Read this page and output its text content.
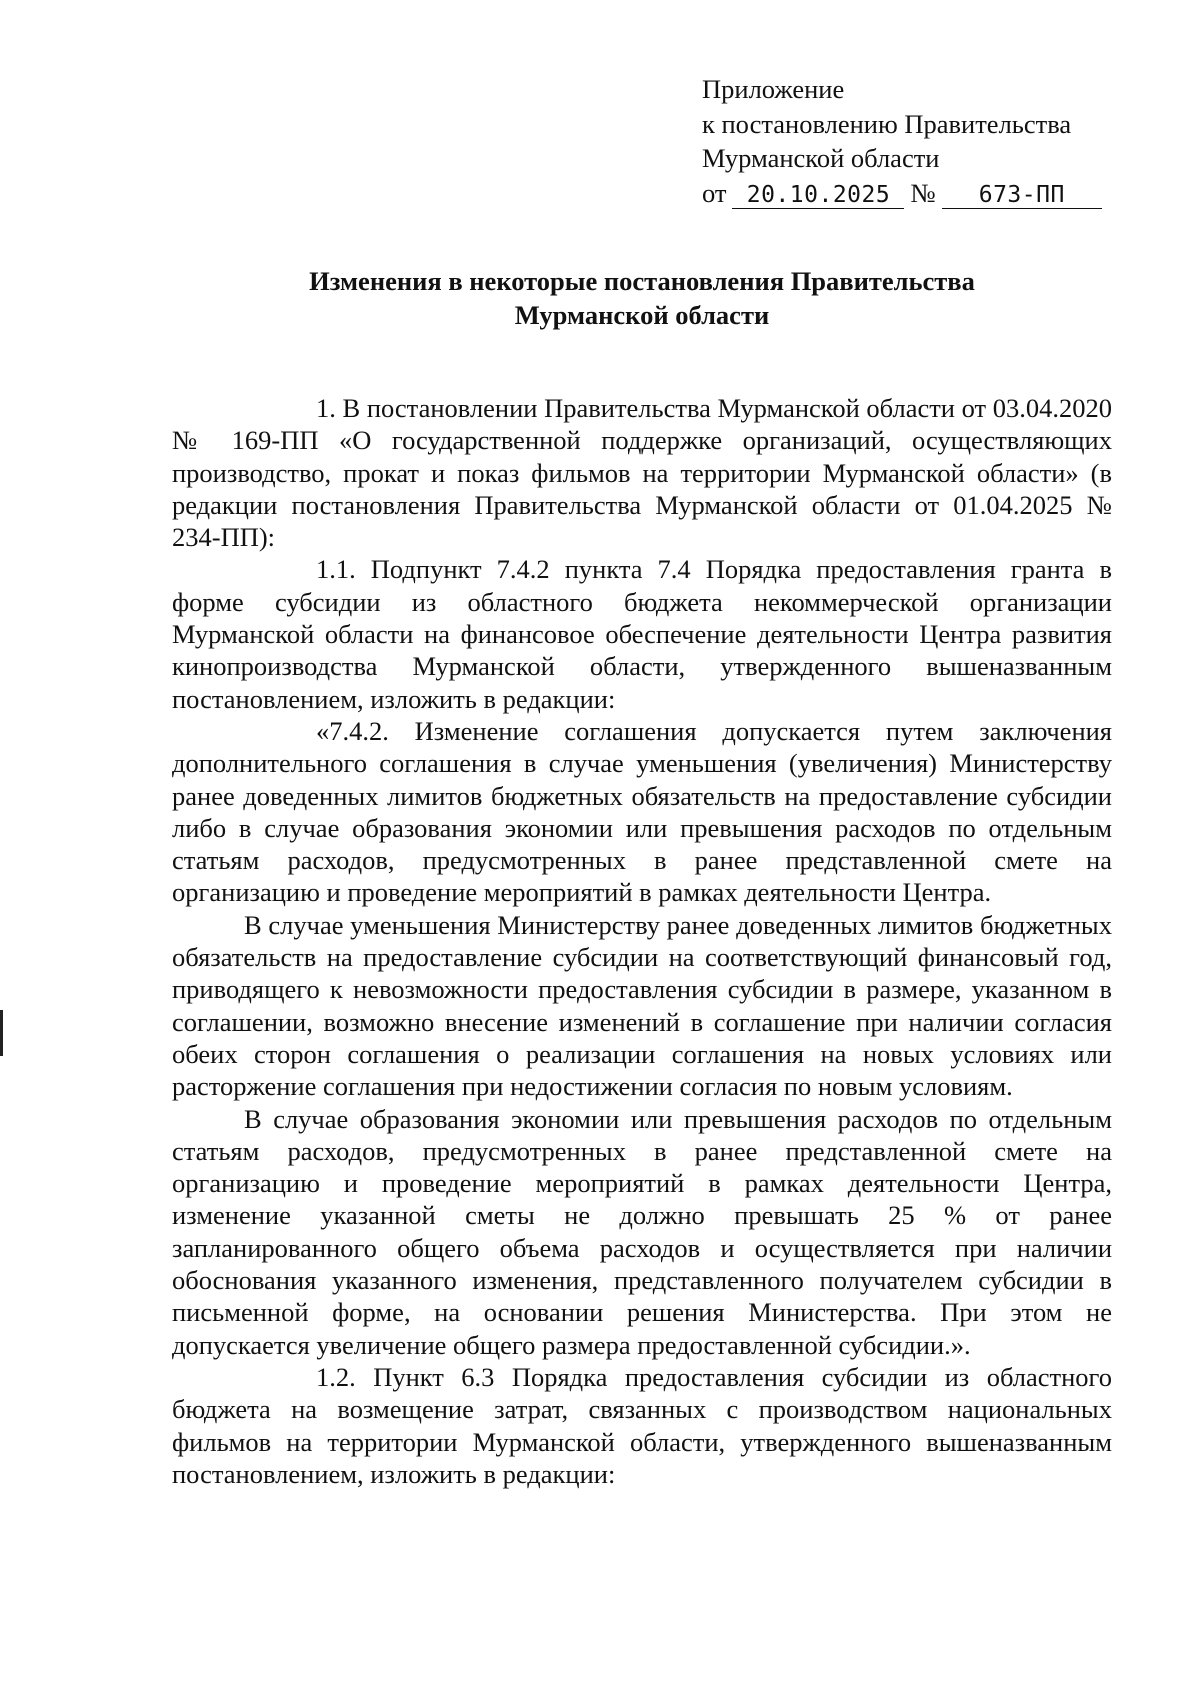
Приложение
к постановлению Правительства
Мурманской области
от 20.10.2025 № 673-ПП
Изменения в некоторые постановления Правительства
Мурманской области

1. В постановлении Правительства Мурманской области от 03.04.2020 № 169-ПП «О государственной поддержке организаций, осуществляющих производство, прокат и показ фильмов на территории Мурманской области» (в редакции постановления Правительства Мурманской области от 01.04.2025 № 234-ПП):

1.1. Подпункт 7.4.2 пункта 7.4 Порядка предоставления гранта в форме субсидии из областного бюджета некоммерческой организации Мурманской области на финансовое обеспечение деятельности Центра развития кинопроизводства Мурманской области, утвержденного вышеназванным постановлением, изложить в редакции:

«7.4.2. Изменение соглашения допускается путем заключения дополнительного соглашения в случае уменьшения (увеличения) Министерству ранее доведенных лимитов бюджетных обязательств на предоставление субсидии либо в случае образования экономии или превышения расходов по отдельным статьям расходов, предусмотренных в ранее представленной смете на организацию и проведение мероприятий в рамках деятельности Центра.

В случае уменьшения Министерству ранее доведенных лимитов бюджетных обязательств на предоставление субсидии на соответствующий финансовый год, приводящего к невозможности предоставления субсидии в размере, указанном в соглашении, возможно внесение изменений в соглашение при наличии согласия обеих сторон соглашения о реализации соглашения на новых условиях или расторжение соглашения при недостижении согласия по новым условиям.

В случае образования экономии или превышения расходов по отдельным статьям расходов, предусмотренных в ранее представленной смете на организацию и проведение мероприятий в рамках деятельности Центра, изменение указанной сметы не должно превышать 25 % от ранее запланированного общего объема расходов и осуществляется при наличии обоснования указанного изменения, представленного получателем субсидии в письменной форме, на основании решения Министерства. При этом не допускается увеличение общего размера предоставленной субсидии.».

1.2. Пункт 6.3 Порядка предоставления субсидии из областного бюджета на возмещение затрат, связанных с производством национальных фильмов на территории Мурманской области, утвержденного вышеназванным постановлением, изложить в редакции:
